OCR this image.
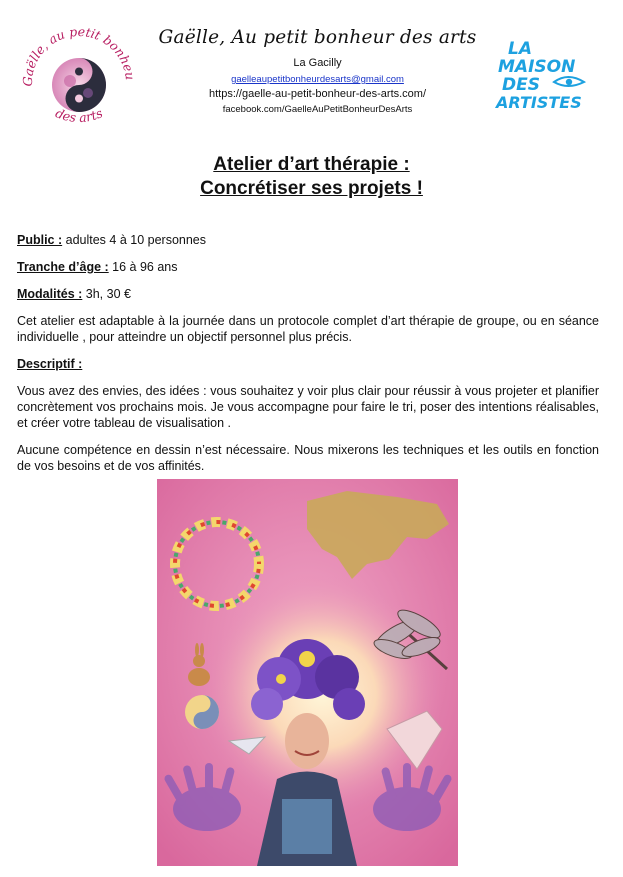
Gaëlle, au petit bonheu
des arts
Gaëlle, Au petit bonheur des arts
La Gacilly
gaelleaupetitbonheurdesarts@gmail.com
https://gaelle-au-petit-bonheur-des-arts.com/
facebook.com/GaelleAuPetitBonheurDesArts
LA
MAISON
DES
ARTISTES
Atelier d’art thérapie :
Concrétiser ses projets !
Public : adultes 4 à 10 personnes
Tranche d’âge : 16 à 96 ans
Modalités : 3h, 30 €

Cet atelier est adaptable à la journée dans un protocole complet d’art thérapie de groupe, ou en séance individuelle , pour atteindre un objectif personnel plus précis.

Descriptif :

Vous avez des envies, des idées : vous souhaitez y voir plus clair pour réussir à vous projeter et planifier concrètement vos prochains mois. Je vous accompagne pour faire le tri, poser des intentions réalisables, et créer votre tableau de visualisation .

Aucune compétence en dessin n’est nécessaire. Nous mixerons les techniques et les outils en fonction de vos besoins et de vos affinités.
